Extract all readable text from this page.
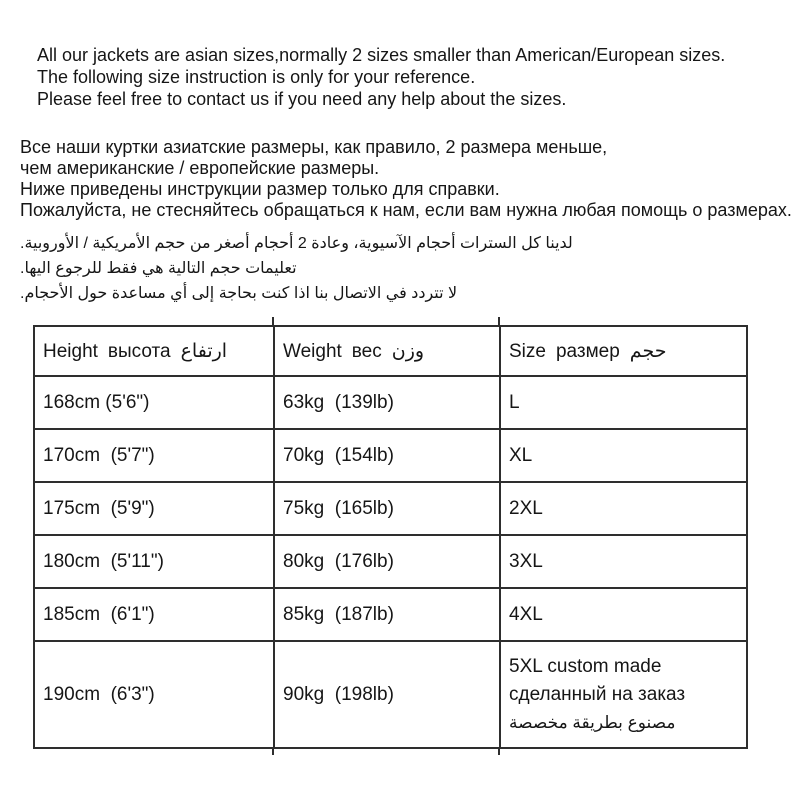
All our jackets are asian sizes,normally 2 sizes smaller than American/European sizes.
The following size instruction is only for your reference.
Please feel free to contact us if you need any help about the sizes.
Все наши куртки азиатские размеры, как правило, 2 размера меньше,
чем американские / европейские размеры.
Ниже приведены инструкции размер только для справки.
Пожалуйста, не стесняйтесь обращаться к нам, если вам нужна любая помощь о размерах.
لدينا كل السترات أحجام الآسيوية، وعادة 2 أحجام أصغر من حجم الأمريكية / الأوروبية.
تعليمات حجم التالية هي فقط للرجوع اليها.
لا تتردد في الاتصال بنا اذا كنت بحاجة إلى أي مساعدة حول الأحجام.
Height высота ارتفاع	Weight вес وزن	Size размер حجم
168cm (5'6")	63kg  (139lb)	L

170cm  (5'7")	70kg  (154lb)	XL

175cm  (5'9")	75kg  (165lb)	2XL

180cm  (5'11")	80kg  (176lb)	3XL

185cm  (6'1")	85kg  (187lb)	4XL

190cm  (6'3")	90kg  (198lb)	5XL custom made
сделанный на заказ
مصنوع بطريقة مخصصة
